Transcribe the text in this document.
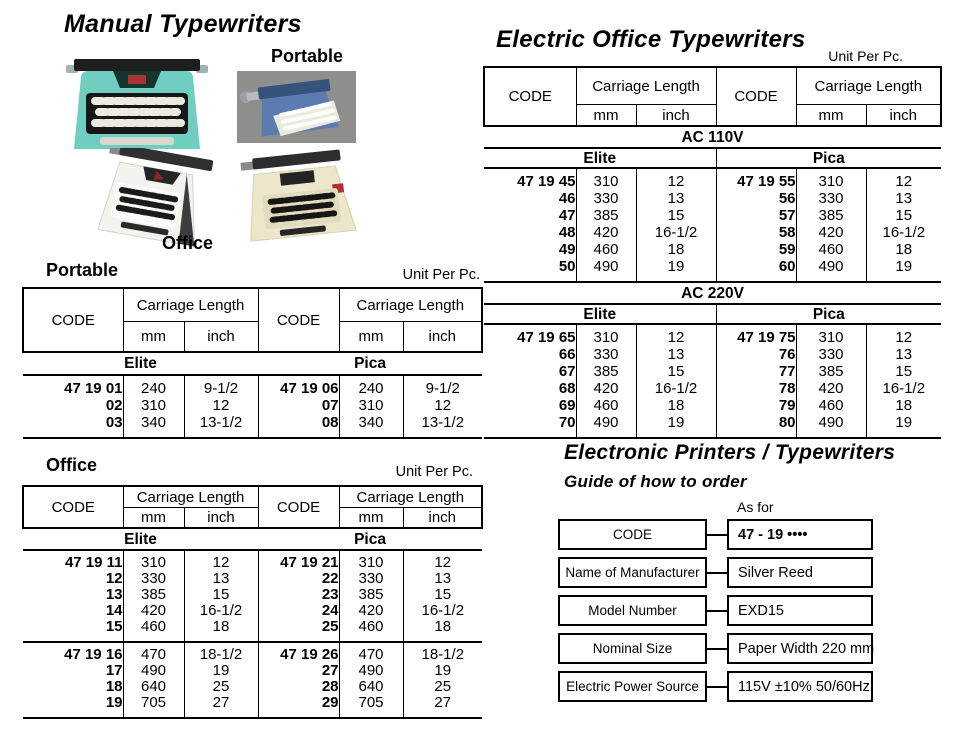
Manual Typewriters
Portable
Office
Portable	Unit Per Pc.
CODE	Carriage Length		CODE	Carriage Length	
	mm	inch		mm	inch
Elite			Pica		
47 19 01	240	9-1/2	47 19 06	240	9-1/2
02	310	12	07	310	12
03	340	13-1/2	08	340	13-1/2
Office	Unit Per Pc.
CODE	Carriage Length		CODE	Carriage Length	
	mm	inch		mm	inch
Elite			Pica		
47 19 11	310	12	47 19 21	310	12
12	330	13	22	330	13
13	385	15	23	385	15
14	420	16-1/2	24	420	16-1/2
15	460	18	25	460	18
47 19 16	470	18-1/2	47 19 26	470	18-1/2
17	490	19	27	490	19
18	640	25	28	640	25
19	705	27	29	705	27
Electric Office Typewriters
Unit Per Pc.
CODE	Carriage Length		CODE	Carriage Length	
	mm	inch		mm	inch
AC 110V					
Elite			Pica		
47 19 45	310	12	47 19 55	310	12
46	330	13	56	330	13
47	385	15	57	385	15
48	420	16-1/2	58	420	16-1/2
49	460	18	59	460	18
50	490	19	60	490	19
AC 220V					
Elite			Pica		
47 19 65	310	12	47 19 75	310	12
66	330	13	76	330	13
67	385	15	77	385	15
68	420	16-1/2	78	420	16-1/2
69	460	18	79	460	18
70	490	19	80	490	19
Electronic Printers / Typewriters
Guide of how to order
As for
CODE	47 - 19 ••••
Name of Manufacturer	Silver Reed
Model Number	EXD15
Nominal Size	Paper Width 220 mm
Electric Power Source	115V ±10% 50/60Hz
